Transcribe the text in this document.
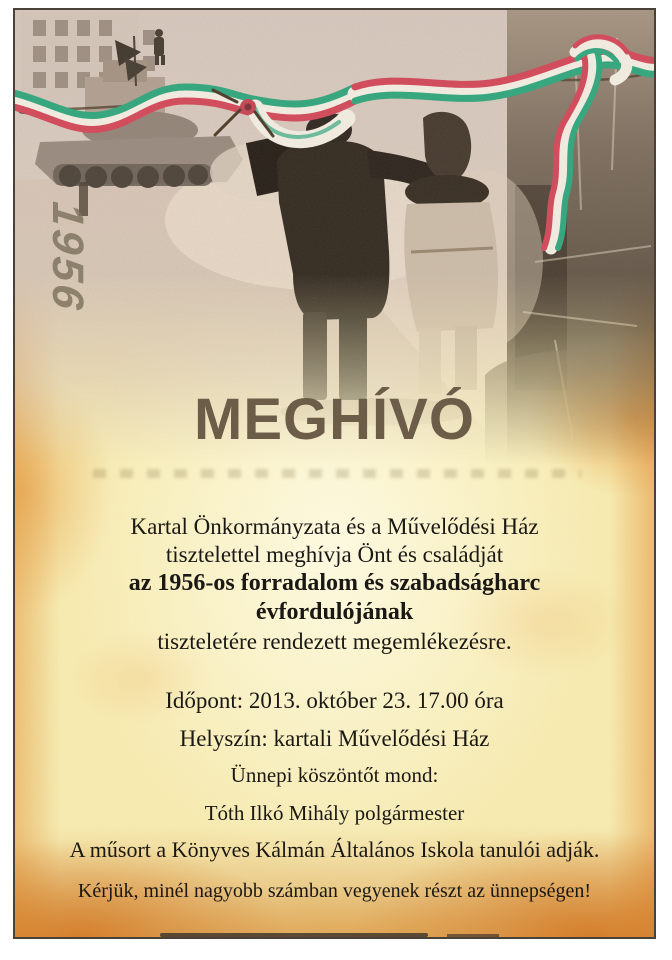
1956
MEGHÍVÓ
Kartal Önkormányzata és a Művelődési Ház
tisztelettel meghívja Önt és családját
az 1956-os forradalom és szabadságharc
évfordulójának
tiszteletére rendezett megemlékezésre.
Időpont: 2013. október 23. 17.00 óra
Helyszín: kartali Művelődési Ház
Ünnepi köszöntőt mond:
Tóth Ilkó Mihály polgármester
A műsort a Könyves Kálmán Általános Iskola tanulói adják.
Kérjük, minél nagyobb számban vegyenek részt az ünnepségen!
